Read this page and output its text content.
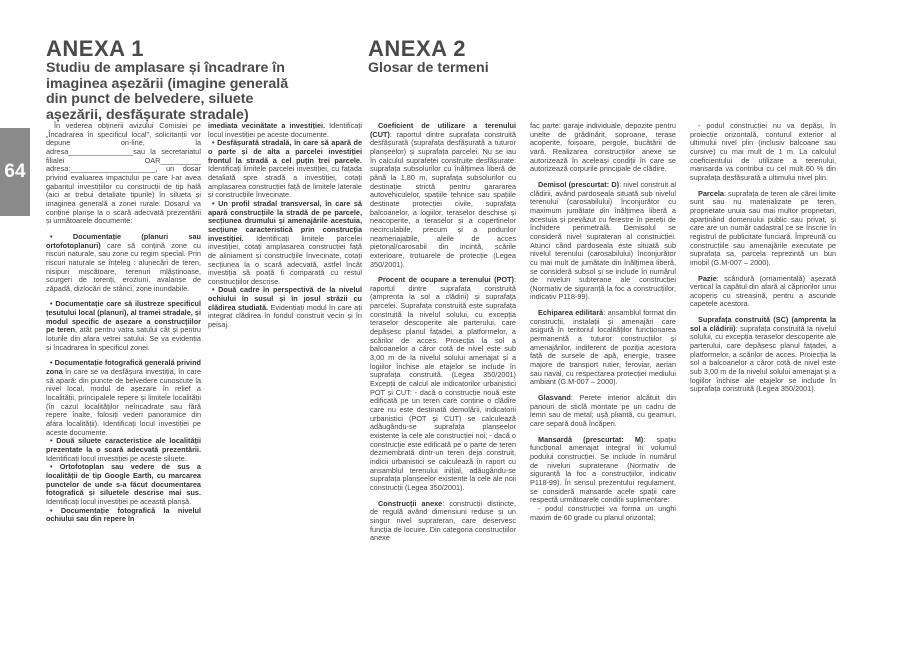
64
ANEXA 1
Studiu de amplasare și încadrare în imaginea așezării (imagine generală din punct de belvedere, siluete așezării, desfășurate stradale)
ANEXA 2
Glosar de termeni

În vederea obținerii avizului Comisiei pe „Încadrarea în specificul local", solicitanții vor depune on-line, la adresa________________sau la secretariatul filialei OAR__________ adresa:_____________________, un dosar privind evaluarea impactului pe care l-ar avea gabaritul investițiilor cu construcții de tip hală (aici ar trebui detaliate tipurile) în silueta și imaginea generală a zonei rurale. Dosarul va conține planșe la o scară adecvată prezentării și următoarele documente:

• Documentație (planuri sau ortofotoplanuri) care să conțină zone cu riscuri naturale, sau zone cu regim special. Prin riscuri naturale se înțeleg : alunecări de teren, nisipuri mișcătoare, terenuri mlăștinoase, scurgeri de torenți, eroziuni, avalanșe de zăpadă, dizlocări de stânci, zone inundabile.

• Documentație care să ilustreze specificul țesutului local (planuri), al tramei stradale, și modul specific de așezare a construcțiilor pe teren, atât pentru vatra satului cât și pentru loturile din afara vetrei satului. Se va evidenția și încadrarea în specificul zonei.

• Documentație fotografică generală privind zona în care se va desfășura investiția, în care să apară: din puncte de belvedere cunoscute la nivel local, modul de așezare în relief a localității, principalele repere și limitele localității (în cazul localităților neîncadrate sau fără repere înalte, folosiți vederi panoramice din afara localității). Identificați locul investiției pe aceste documente.

• Două siluete caracteristice ale localității prezentate la o scară adecvată prezentării. Identificați locul investiției pe aceste siluete.

• Ortofotoplan sau vedere de sus a localității de tip Google Earth, cu marcarea punctelor de unde s-a făcut documentarea fotografică și siluetele descrise mai sus. Identificați locul investiției pe această planșă.

• Documentație fotografică la nivelul ochiului sau din repere în

imediata vecinătate a investiției. Identificați locul investiției pe aceste documente.

• Desfășurată stradală, în care să apară de o parte și de alta a parcelei investiției frontul la stradă a cel puțin trei parcele. Identificați limitele parcelei investiției, cu fațada detaliată spre stradă a investiției, cotați amplasarea construcției față de limitele laterale și construcțiile învecinate.

• Un profil stradal transversal, în care să apară construcțiile la stradă de pe parcele, secțiunea drumului și amenajările acestuia, secțiune caracteristică prin construcția investiției. Identificați limitele parcelei investiției, cotați amplasarea construcției față de aliniament și construcțiile învecinate, cotați secțiunea la o scară adecvată, astfel încât investiția să poată fi comparată cu restul construcțiilor descrise.

• Două cadre în perspectivă de la nivelul ochiului în susul și în josul străzii cu clădirea studiată. Evidențiați modul în care ați integrat clădirea în fondul construit vecin și în peisaj.

Coeficient de utilizare a terenului (CUT): raportul dintre suprafața construită desfășurată (suprafața desfășurată a tuturor planșeelor) și suprafața parcelei. Nu se iau în calculul suprafeței construite desfășurate: suprafața subsolurilor cu înălțimea liberă de până la 1,80 m, suprafața subsolurilor cu destinație strictă pentru garararea autovehiculelor, spațiile tehnice sau spațiile destinate protecției civile, suprafața balcoanelor, a logiilor, teraselor deschise și neacoperite, a teraselor și a copertinelor necirculabile, precum și a podurilor neamenajabile, aleile de acces pietonal/carosabil din incintă, scările exterioare, trotuarele de protecție (Legea 350/2001).

Procent de ocupare a terenului (POT): raportul dintre suprafața construită (amprenta la sol a clădirii) și suprafața parcelei. Suprafața construită este suprafața construită la nivelul solului, cu excepția teraselor descoperite ale parterului, care depășesc planul fațadei, a platformelor, a scărilor de acces. Proiecția la sol a balcoanelor a căror cotă de nivel este sub 3,00 m de la nivelul solului amenajat și a logiilor închise ale etajelor se include în suprafața construită. (Legea 350/2001) Excepții de calcul ale indicatorilor urbanistici POT și CUT: - dacă o construcție nouă este edificată pe un teren care conține o clădire care nu este destinată demolării, indicatorii urbanistici (POT și CUT) se calculează adăugându-se suprafața planșeelor existente la cele ale construcției noi; - dacă o construcție este edificată pe o parte de teren dezmembrată dintr-un teren deja construit, indicii urbanistici se calculează în raport cu ansamblul terenului inițial, adăugându-se suprafața planșeelor existente la cele ale noii construcții (Legea 350/2001).

Construcții anexe: construcții distincte, de regulă având dimensiuni reduse și un singur nivel suprateran, care deservesc funcția de locuire. Din categoria construcțiilor anexe

fac parte: garaje individuale, depozite pentru unelte de grădinărit, șoproane, terase acoperite, foișoare, pergole, bucătării de vară. Realizarea construcțiilor anexe se autorizează în aceleași condiții în care se autorizează corpurile principale de clădire.

Demisol (prescurtat: D): nivel construit al clădirii, având pardoseala situată sub nivelul terenului (carosabilului) înconjurător cu maximum jumătate din înălțimea liberă a acestuia și prevăzut cu ferestre în pereții de închidere perimetrală. Demisolul se consideră nivel suprateran al construcției. Atunci când pardoseala este situată sub nivelul terenului (carosabilului) înconjurător cu mai mult de jumătate din înălțimea liberă, se consideră subsol și se include în numărul de niveluri subterane ale construcției (Normativ de siguranță la foc a construcțiilor, indicativ P118-99).

Echiparea edilitară: ansamblul format din construcții, instalații și amenajări care asigură în teritoriul localităților funcționarea permanentă a tuturor construcțiilor și amenajărilor, indiferent de poziția acestora față de sursele de apă, energie, trasee majore de transport rutier, feroviar, aerian sau naval, cu respectarea protecției mediului ambiant (G.M-007 – 2000).

Glasvand: Perete interior alcătuit din panouri de sticlă montate pe un cadru de lemn sau de metal; ușă pliantă, cu geamuri, care separă două încăperi.

Mansardă (prescurtat: M): spațiu funcțional amenajat integral în volumul podului construcției. Se include în numărul de niveluri supraterane (Normativ de siguranță la foc a construcțiilor, indicativ P118-99). În sensul prezentului regulament, se consideră mansarde acele spații care respectă următoarele condiții suplimentare:

- podul construcției va forma un unghi maxim de 60 grade cu planul orizontal;

- podul construcției nu va depăși, în proiecție orizontală, conturul exterior al ultimului nivel plin (inclusiv balcoane sau cursive) cu mai mult de 1 m. La calculul coeficientului de utilizare a terenului, mansarda va contribui cu cel mult 60 % din suprafața desfășurată a ultimului nivel plin.

Parcela: suprafața de teren ale cărei limite sunt sau nu materializate pe teren, proprietate unuia sau mai multor proprietari, aparținând domeniului public sau privat, și care are un număr cadastral ce se înscrie în registrul de publicitate funciară. Împreună cu construcțiile sau amenajările executate pe suprafața sa, parcela reprezintă un bun imobil (G.M-007 – 2000).

Pazie: scândură (ornamentală) așezată vertical la capătul din afară al căpriorilor unui acoperiș cu streașină, pentru a ascunde capetele acestora.

Suprafața construită (SC) (amprenta la sol a clădirii): suprafața construită la nivelul solului, cu excepția teraselor descoperite ale parterului, care depășesc planul fațadei, a platformelor, a scărilor de acces. Proiecția la sol a balcoanelor a căror cotă de nivel este sub 3,00 m de la nivelul solului amenajat și a logiilor închise ale etajelor se include în suprafața construită (Legea 350/2001).
